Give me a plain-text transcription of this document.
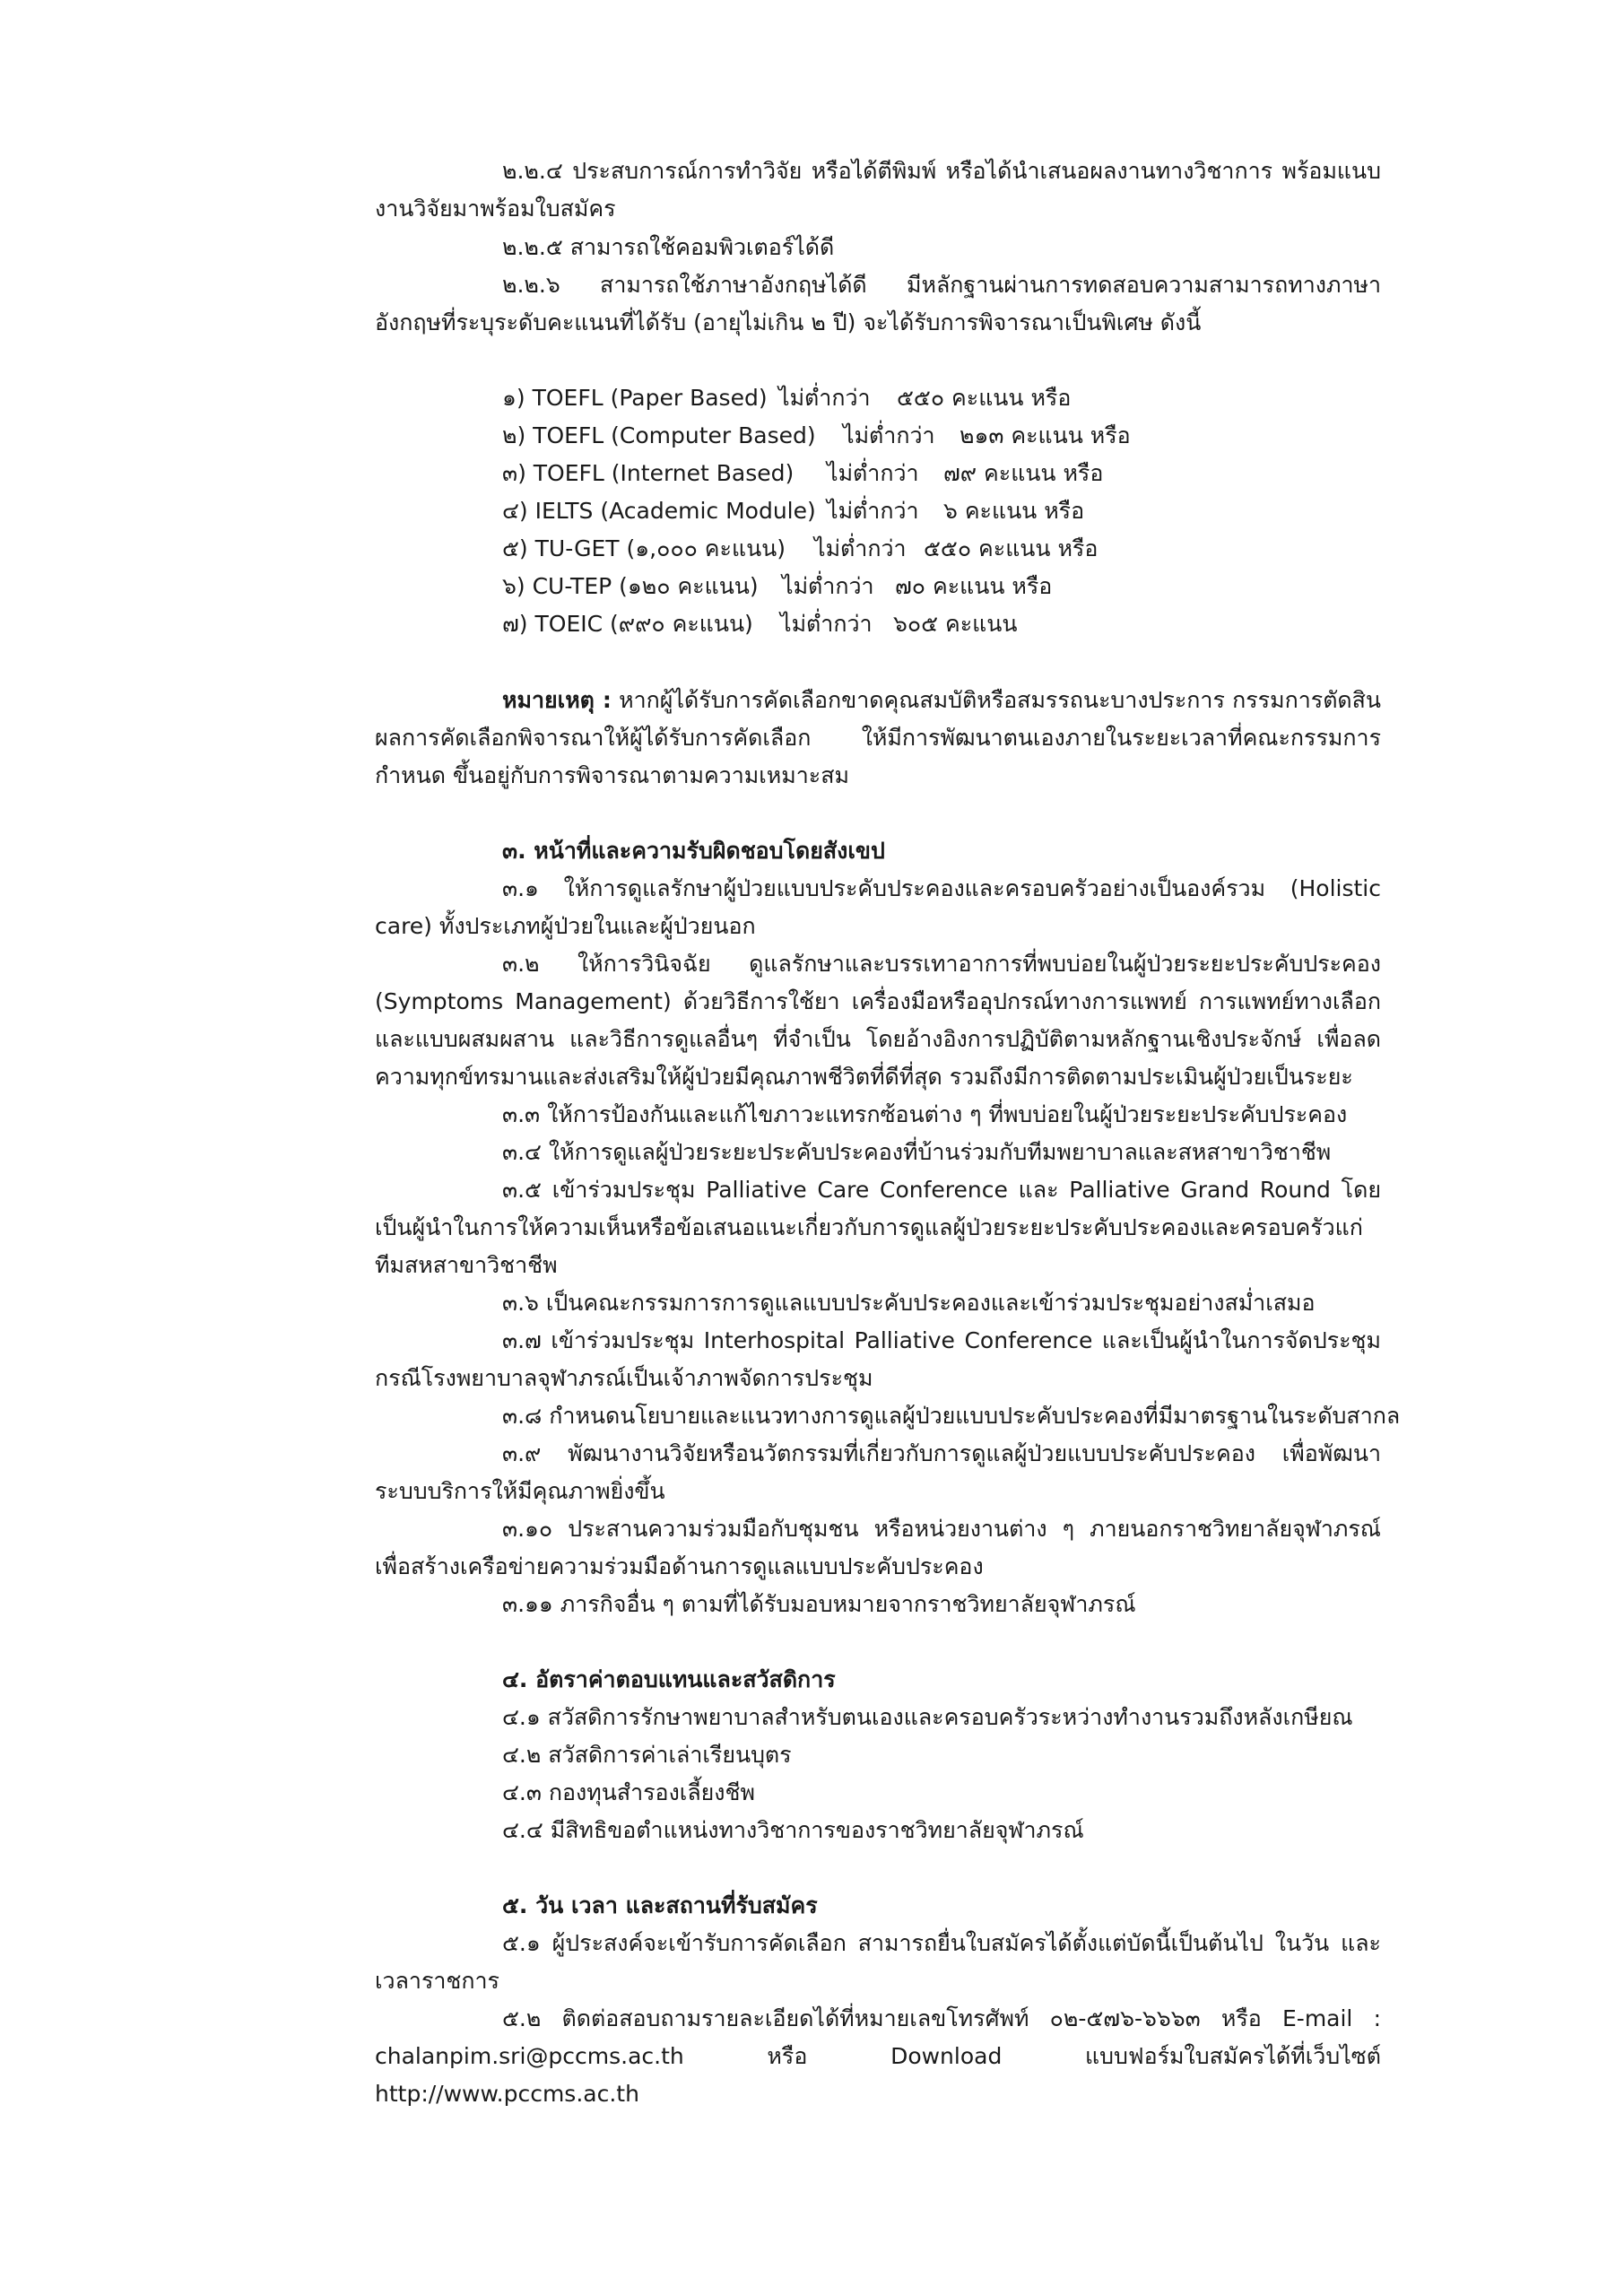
๒.๒.๔ ประสบการณ์การทำวิจัย หรือได้ตีพิมพ์ หรือได้นำเสนอผลงานทางวิชาการ พร้อมแนบงานวิจัยมาพร้อมใบสมัคร
๒.๒.๕ สามารถใช้คอมพิวเตอร์ได้ดี
๒.๒.๖ สามารถใช้ภาษาอังกฤษได้ดี มีหลักฐานผ่านการทดสอบความสามารถทางภาษาอังกฤษที่ระบุระดับคะแนนที่ได้รับ (อายุไม่เกิน ๒ ปี) จะได้รับการพิจารณาเป็นพิเศษ ดังนี้
๑) TOEFL (Paper Based) ไม่ต่ำกว่า ๕๕๐ คะแนน หรือ
๒) TOEFL (Computer Based) ไม่ต่ำกว่า ๒๑๓ คะแนน หรือ
๓) TOEFL (Internet Based) ไม่ต่ำกว่า ๗๙ คะแนน หรือ
๔) IELTS (Academic Module) ไม่ต่ำกว่า ๖ คะแนน หรือ
๕) TU-GET (๑,๐๐๐ คะแนน) ไม่ต่ำกว่า ๕๕๐ คะแนน หรือ
๖) CU-TEP (๑๒๐ คะแนน) ไม่ต่ำกว่า ๗๐ คะแนน หรือ
๗) TOEIC (๙๙๐ คะแนน) ไม่ต่ำกว่า ๖๐๕ คะแนน
หมายเหตุ : หากผู้ได้รับการคัดเลือกขาดคุณสมบัติหรือสมรรถนะบางประการ กรรมการตัดสินผลการคัดเลือกพิจารณาให้ผู้ได้รับการคัดเลือก ให้มีการพัฒนาตนเองภายในระยะเวลาที่คณะกรรมการกำหนด ขึ้นอยู่กับการพิจารณาตามความเหมาะสม
๓. หน้าที่และความรับผิดชอบโดยสังเขป
๓.๑ ให้การดูแลรักษาผู้ป่วยแบบประคับประคองและครอบครัวอย่างเป็นองค์รวม (Holistic care) ทั้งประเภทผู้ป่วยในและผู้ป่วยนอก
๓.๒ ให้การวินิจฉัย ดูแลรักษาและบรรเทาอาการที่พบบ่อยในผู้ป่วยระยะประคับประคอง (Symptoms Management) ด้วยวิธีการใช้ยา เครื่องมือหรืออุปกรณ์ทางการแพทย์ การแพทย์ทางเลือกและแบบผสมผสาน และวิธีการดูแลอื่นๆ ที่จำเป็น โดยอ้างอิงการปฏิบัติตามหลักฐานเชิงประจักษ์ เพื่อลดความทุกข์ทรมานและส่งเสริมให้ผู้ป่วยมีคุณภาพชีวิตที่ดีที่สุด รวมถึงมีการติดตามประเมินผู้ป่วยเป็นระยะ
๓.๓ ให้การป้องกันและแก้ไขภาวะแทรกซ้อนต่าง ๆ ที่พบบ่อยในผู้ป่วยระยะประคับประคอง
๓.๔ ให้การดูแลผู้ป่วยระยะประคับประคองที่บ้านร่วมกับทีมพยาบาลและสหสาขาวิชาชีพ
๓.๕ เข้าร่วมประชุม Palliative Care Conference และ Palliative Grand Round โดยเป็นผู้นำในการให้ความเห็นหรือข้อเสนอแนะเกี่ยวกับการดูแลผู้ป่วยระยะประคับประคองและครอบครัวแก่ทีมสหสาขาวิชาชีพ
๓.๖ เป็นคณะกรรมการการดูแลแบบประคับประคองและเข้าร่วมประชุมอย่างสม่ำเสมอ
๓.๗ เข้าร่วมประชุม Interhospital Palliative Conference และเป็นผู้นำในการจัดประชุมกรณีโรงพยาบาลจุฬาภรณ์เป็นเจ้าภาพจัดการประชุม
๓.๘ กำหนดนโยบายและแนวทางการดูแลผู้ป่วยแบบประคับประคองที่มีมาตรฐานในระดับสากล
๓.๙ พัฒนางานวิจัยหรือนวัตกรรมที่เกี่ยวกับการดูแลผู้ป่วยแบบประคับประคอง เพื่อพัฒนาระบบบริการให้มีคุณภาพยิ่งขึ้น
๓.๑๐ ประสานความร่วมมือกับชุมชน หรือหน่วยงานต่าง ๆ ภายนอกราชวิทยาลัยจุฬาภรณ์ เพื่อสร้างเครือข่ายความร่วมมือด้านการดูแลแบบประคับประคอง
๓.๑๑ ภารกิจอื่น ๆ ตามที่ได้รับมอบหมายจากราชวิทยาลัยจุฬาภรณ์
๔. อัตราค่าตอบแทนและสวัสดิการ
๔.๑ สวัสดิการรักษาพยาบาลสำหรับตนเองและครอบครัวระหว่างทำงานรวมถึงหลังเกษียณ
๔.๒ สวัสดิการค่าเล่าเรียนบุตร
๔.๓ กองทุนสำรองเลี้ยงชีพ
๔.๔ มีสิทธิขอตำแหน่งทางวิชาการของราชวิทยาลัยจุฬาภรณ์
๕. วัน เวลา และสถานที่รับสมัคร
๕.๑ ผู้ประสงค์จะเข้ารับการคัดเลือก สามารถยื่นใบสมัครได้ตั้งแต่บัดนี้เป็นต้นไป ในวัน และเวลาราชการ
๕.๒ ติดต่อสอบถามรายละเอียดได้ที่หมายเลขโทรศัพท์ ๐๒-๕๗๖-๖๖๖๓ หรือ E-mail : chalanpim.sri@pccms.ac.th หรือ Download แบบฟอร์มใบสมัครได้ที่เว็บไซต์ http://www.pccms.ac.th
